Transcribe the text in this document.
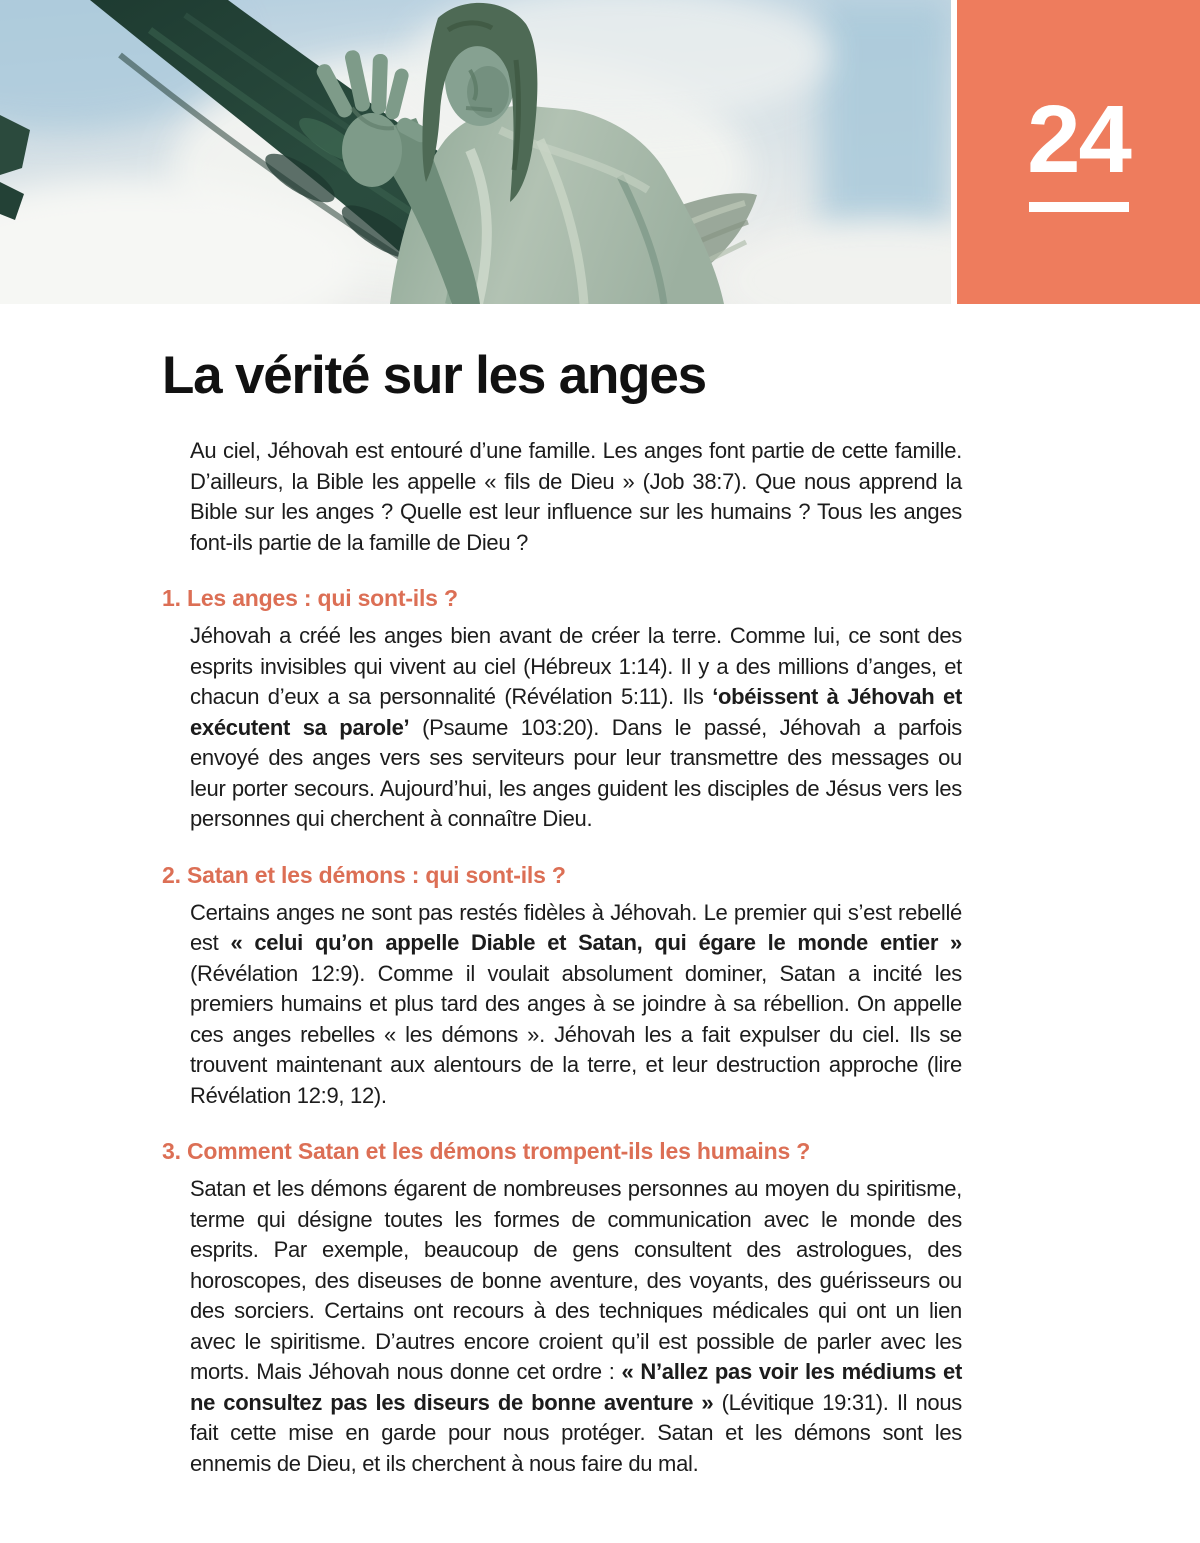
24
La vérité sur les anges

Au ciel, Jéhovah est entouré d’une famille. Les anges font partie de cette famille. D’ailleurs, la Bible les appelle « fils de Dieu » (Job 38:7). Que nous apprend la Bible sur les anges ? Quelle est leur influence sur les humains ? Tous les anges font-ils partie de la famille de Dieu ?

1. Les anges : qui sont-ils ?

Jéhovah a créé les anges bien avant de créer la terre. Comme lui, ce sont des esprits invisibles qui vivent au ciel (Hébreux 1:14). Il y a des millions d’anges, et chacun d’eux a sa personnalité (Révélation 5:11). Ils ‘obéissent à Jéhovah et exécutent sa parole’ (Psaume 103:20). Dans le passé, Jéhovah a parfois envoyé des anges vers ses serviteurs pour leur transmettre des messages ou leur porter secours. Aujourd’hui, les anges guident les disciples de Jésus vers les personnes qui cherchent à connaître Dieu.

2. Satan et les démons : qui sont-ils ?

Certains anges ne sont pas restés fidèles à Jéhovah. Le premier qui s’est rebellé est « celui qu’on appelle Diable et Satan, qui égare le monde entier » (Révélation 12:9). Comme il voulait absolument dominer, Satan a incité les premiers humains et plus tard des anges à se joindre à sa rébellion. On appelle ces anges rebelles « les démons ». Jéhovah les a fait expulser du ciel. Ils se trouvent maintenant aux alentours de la terre, et leur destruction approche (lire Révélation 12:9, 12).

3. Comment Satan et les démons trompent-ils les humains ?

Satan et les démons égarent de nombreuses personnes au moyen du spiritisme, terme qui désigne toutes les formes de communication avec le monde des esprits. Par exemple, beaucoup de gens consultent des astrologues, des horoscopes, des diseuses de bonne aventure, des voyants, des guérisseurs ou des sorciers. Certains ont recours à des techniques médicales qui ont un lien avec le spiritisme. D’autres encore croient qu’il est possible de parler avec les morts. Mais Jéhovah nous donne cet ordre : « N’allez pas voir les médiums et ne consultez pas les diseurs de bonne aventure » (Lévitique 19:31). Il nous fait cette mise en garde pour nous protéger. Satan et les démons sont les ennemis de Dieu, et ils cherchent à nous faire du mal.
